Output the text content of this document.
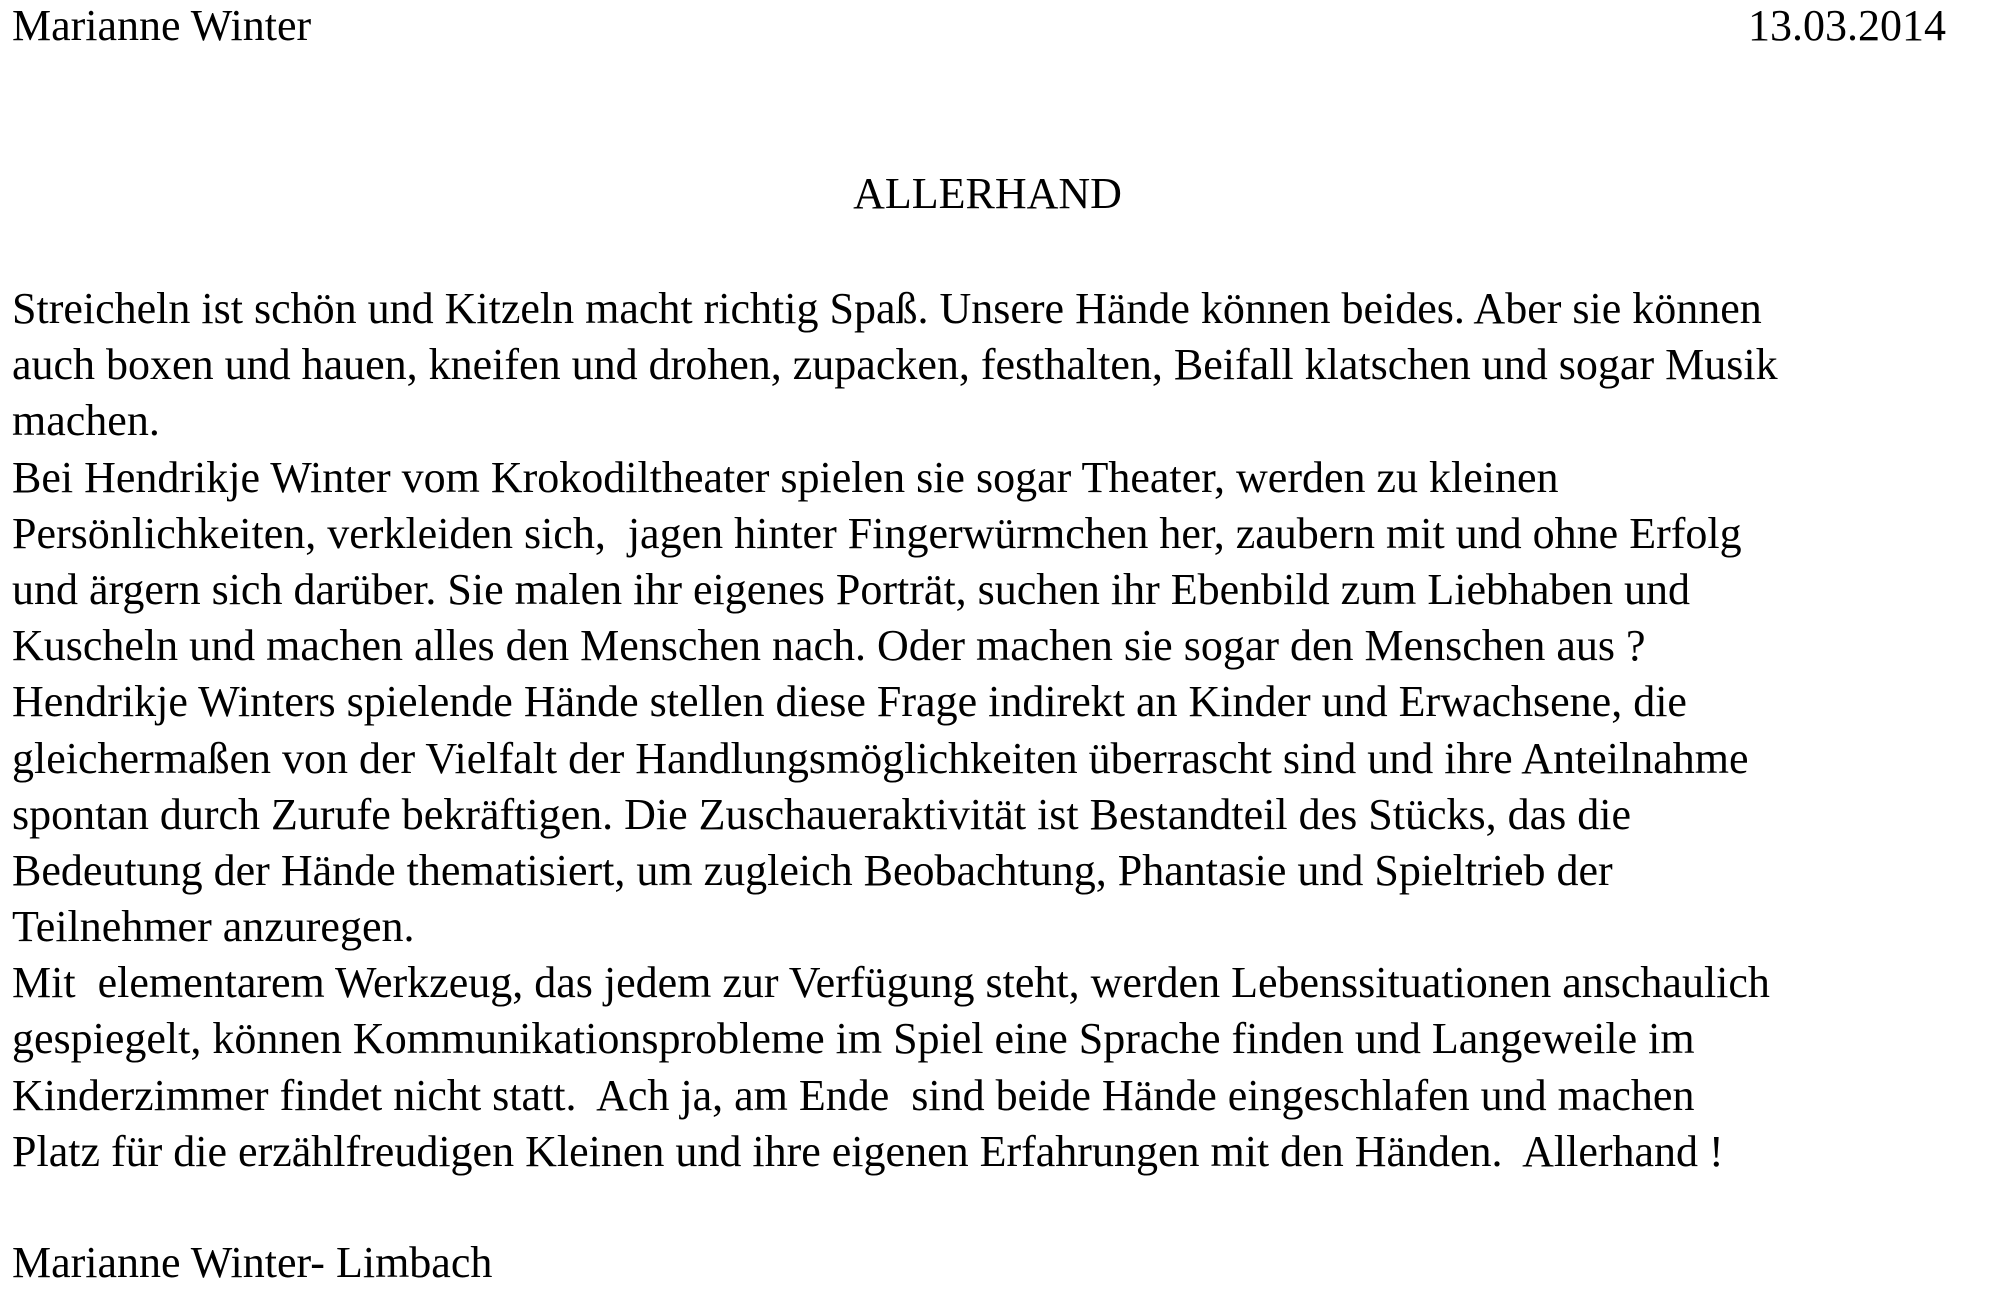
Marianne Winter	13.03.2014
ALLERHAND
Streicheln ist schön und Kitzeln macht richtig Spaß. Unsere Hände können beides. Aber sie können
auch boxen und hauen, kneifen und drohen, zupacken, festhalten, Beifall klatschen und sogar Musik
machen.
Bei Hendrikje Winter vom Krokodiltheater spielen sie sogar Theater, werden zu kleinen
Persönlichkeiten, verkleiden sich,  jagen hinter Fingerwürmchen her, zaubern mit und ohne Erfolg
und ärgern sich darüber. Sie malen ihr eigenes Porträt, suchen ihr Ebenbild zum Liebhaben und
Kuscheln und machen alles den Menschen nach. Oder machen sie sogar den Menschen aus ?
Hendrikje Winters spielende Hände stellen diese Frage indirekt an Kinder und Erwachsene, die
gleichermaßen von der Vielfalt der Handlungsmöglichkeiten überrascht sind und ihre Anteilnahme
spontan durch Zurufe bekräftigen. Die Zuschaueraktivität ist Bestandteil des Stücks, das die
Bedeutung der Hände thematisiert, um zugleich Beobachtung, Phantasie und Spieltrieb der
Teilnehmer anzuregen.
Mit  elementarem Werkzeug, das jedem zur Verfügung steht, werden Lebenssituationen anschaulich
gespiegelt, können Kommunikationsprobleme im Spiel eine Sprache finden und Langeweile im
Kinderzimmer findet nicht statt.  Ach ja, am Ende  sind beide Hände eingeschlafen und machen
Platz für die erzählfreudigen Kleinen und ihre eigenen Erfahrungen mit den Händen.  Allerhand !
Marianne Winter- Limbach
